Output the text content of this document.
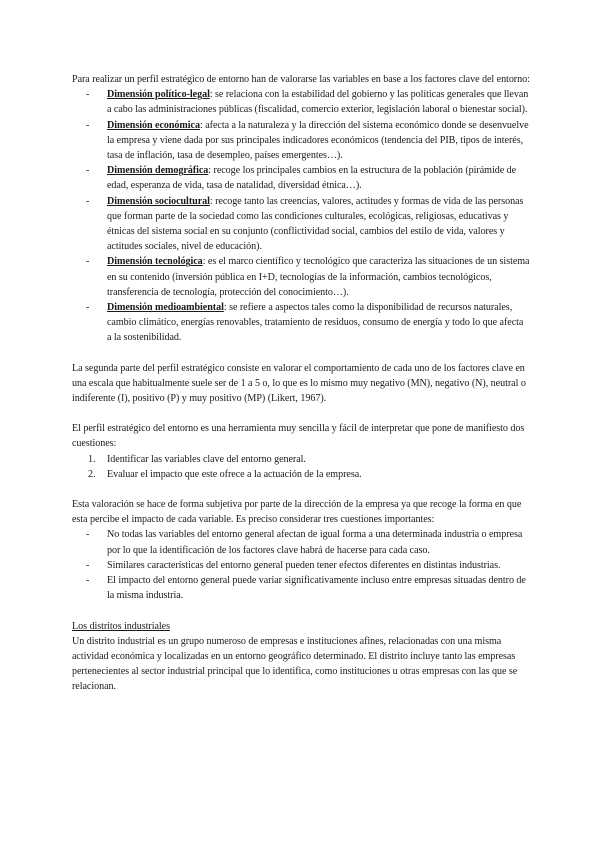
Para realizar un perfil estratégico de entorno han de valorarse las variables en base a los factores clave del entorno:

- Dimensión político-legal: se relaciona con la estabilidad del gobierno y las políticas generales que llevan a cabo las administraciones públicas (fiscalidad, comercio exterior, legislación laboral o bienestar social).
- Dimensión económica: afecta a la naturaleza y la dirección del sistema económico donde se desenvuelve la empresa y viene dada por sus principales indicadores económicos (tendencia del PIB, tipos de interés, tasa de inflación, tasa de desempleo, países emergentes…).
- Dimensión demográfica: recoge los principales cambios en la estructura de la población (pirámide de edad, esperanza de vida, tasa de natalidad, diversidad étnica…).
- Dimensión sociocultural: recoge tanto las creencias, valores, actitudes y formas de vida de las personas que forman parte de la sociedad como las condiciones culturales, ecológicas, religiosas, educativas y étnicas del sistema social en su conjunto (conflictividad social, cambios del estilo de vida, valores y actitudes sociales, nivel de educación).
- Dimensión tecnológica: es el marco científico y tecnológico que caracteriza las situaciones de un sistema en su contenido (inversión pública en I+D, tecnologías de la información, cambios tecnológicos, transferencia de tecnología, protección del conocimiento…).
- Dimensión medioambiental: se refiere a aspectos tales como la disponibilidad de recursos naturales, cambio climático, energías renovables, tratamiento de residuos, consumo de energía y todo lo que afecta a la sostenibilidad.

La segunda parte del perfil estratégico consiste en valorar el comportamiento de cada uno de los factores clave en una escala que habitualmente suele ser de 1 a 5 o, lo que es lo mismo muy negativo (MN), negativo (N), neutral o indiferente (I), positivo (P) y muy positivo (MP) (Likert, 1967).

El perfil estratégico del entorno es una herramienta muy sencilla y fácil de interpretar que pone de manifiesto dos cuestiones:

1. Identificar las variables clave del entorno general.
2. Evaluar el impacto que este ofrece a la actuación de la empresa.

Esta valoración se hace de forma subjetiva por parte de la dirección de la empresa ya que recoge la forma en que esta percibe el impacto de cada variable. Es preciso considerar tres cuestiones importantes:

- No todas las variables del entorno general afectan de igual forma a una determinada industria o empresa por lo que la identificación de los factores clave habrá de hacerse para cada caso.
- Similares características del entorno general pueden tener efectos diferentes en distintas industrias.
- El impacto del entorno general puede variar significativamente incluso entre empresas situadas dentro de la misma industria.

Los distritos industriales

Un distrito industrial es un grupo numeroso de empresas e instituciones afines, relacionadas con una misma actividad económica y localizadas en un entorno geográfico determinado. El distrito incluye tanto las empresas pertenecientes al sector industrial principal que lo identifica, como instituciones u otras empresas con las que se relacionan.
